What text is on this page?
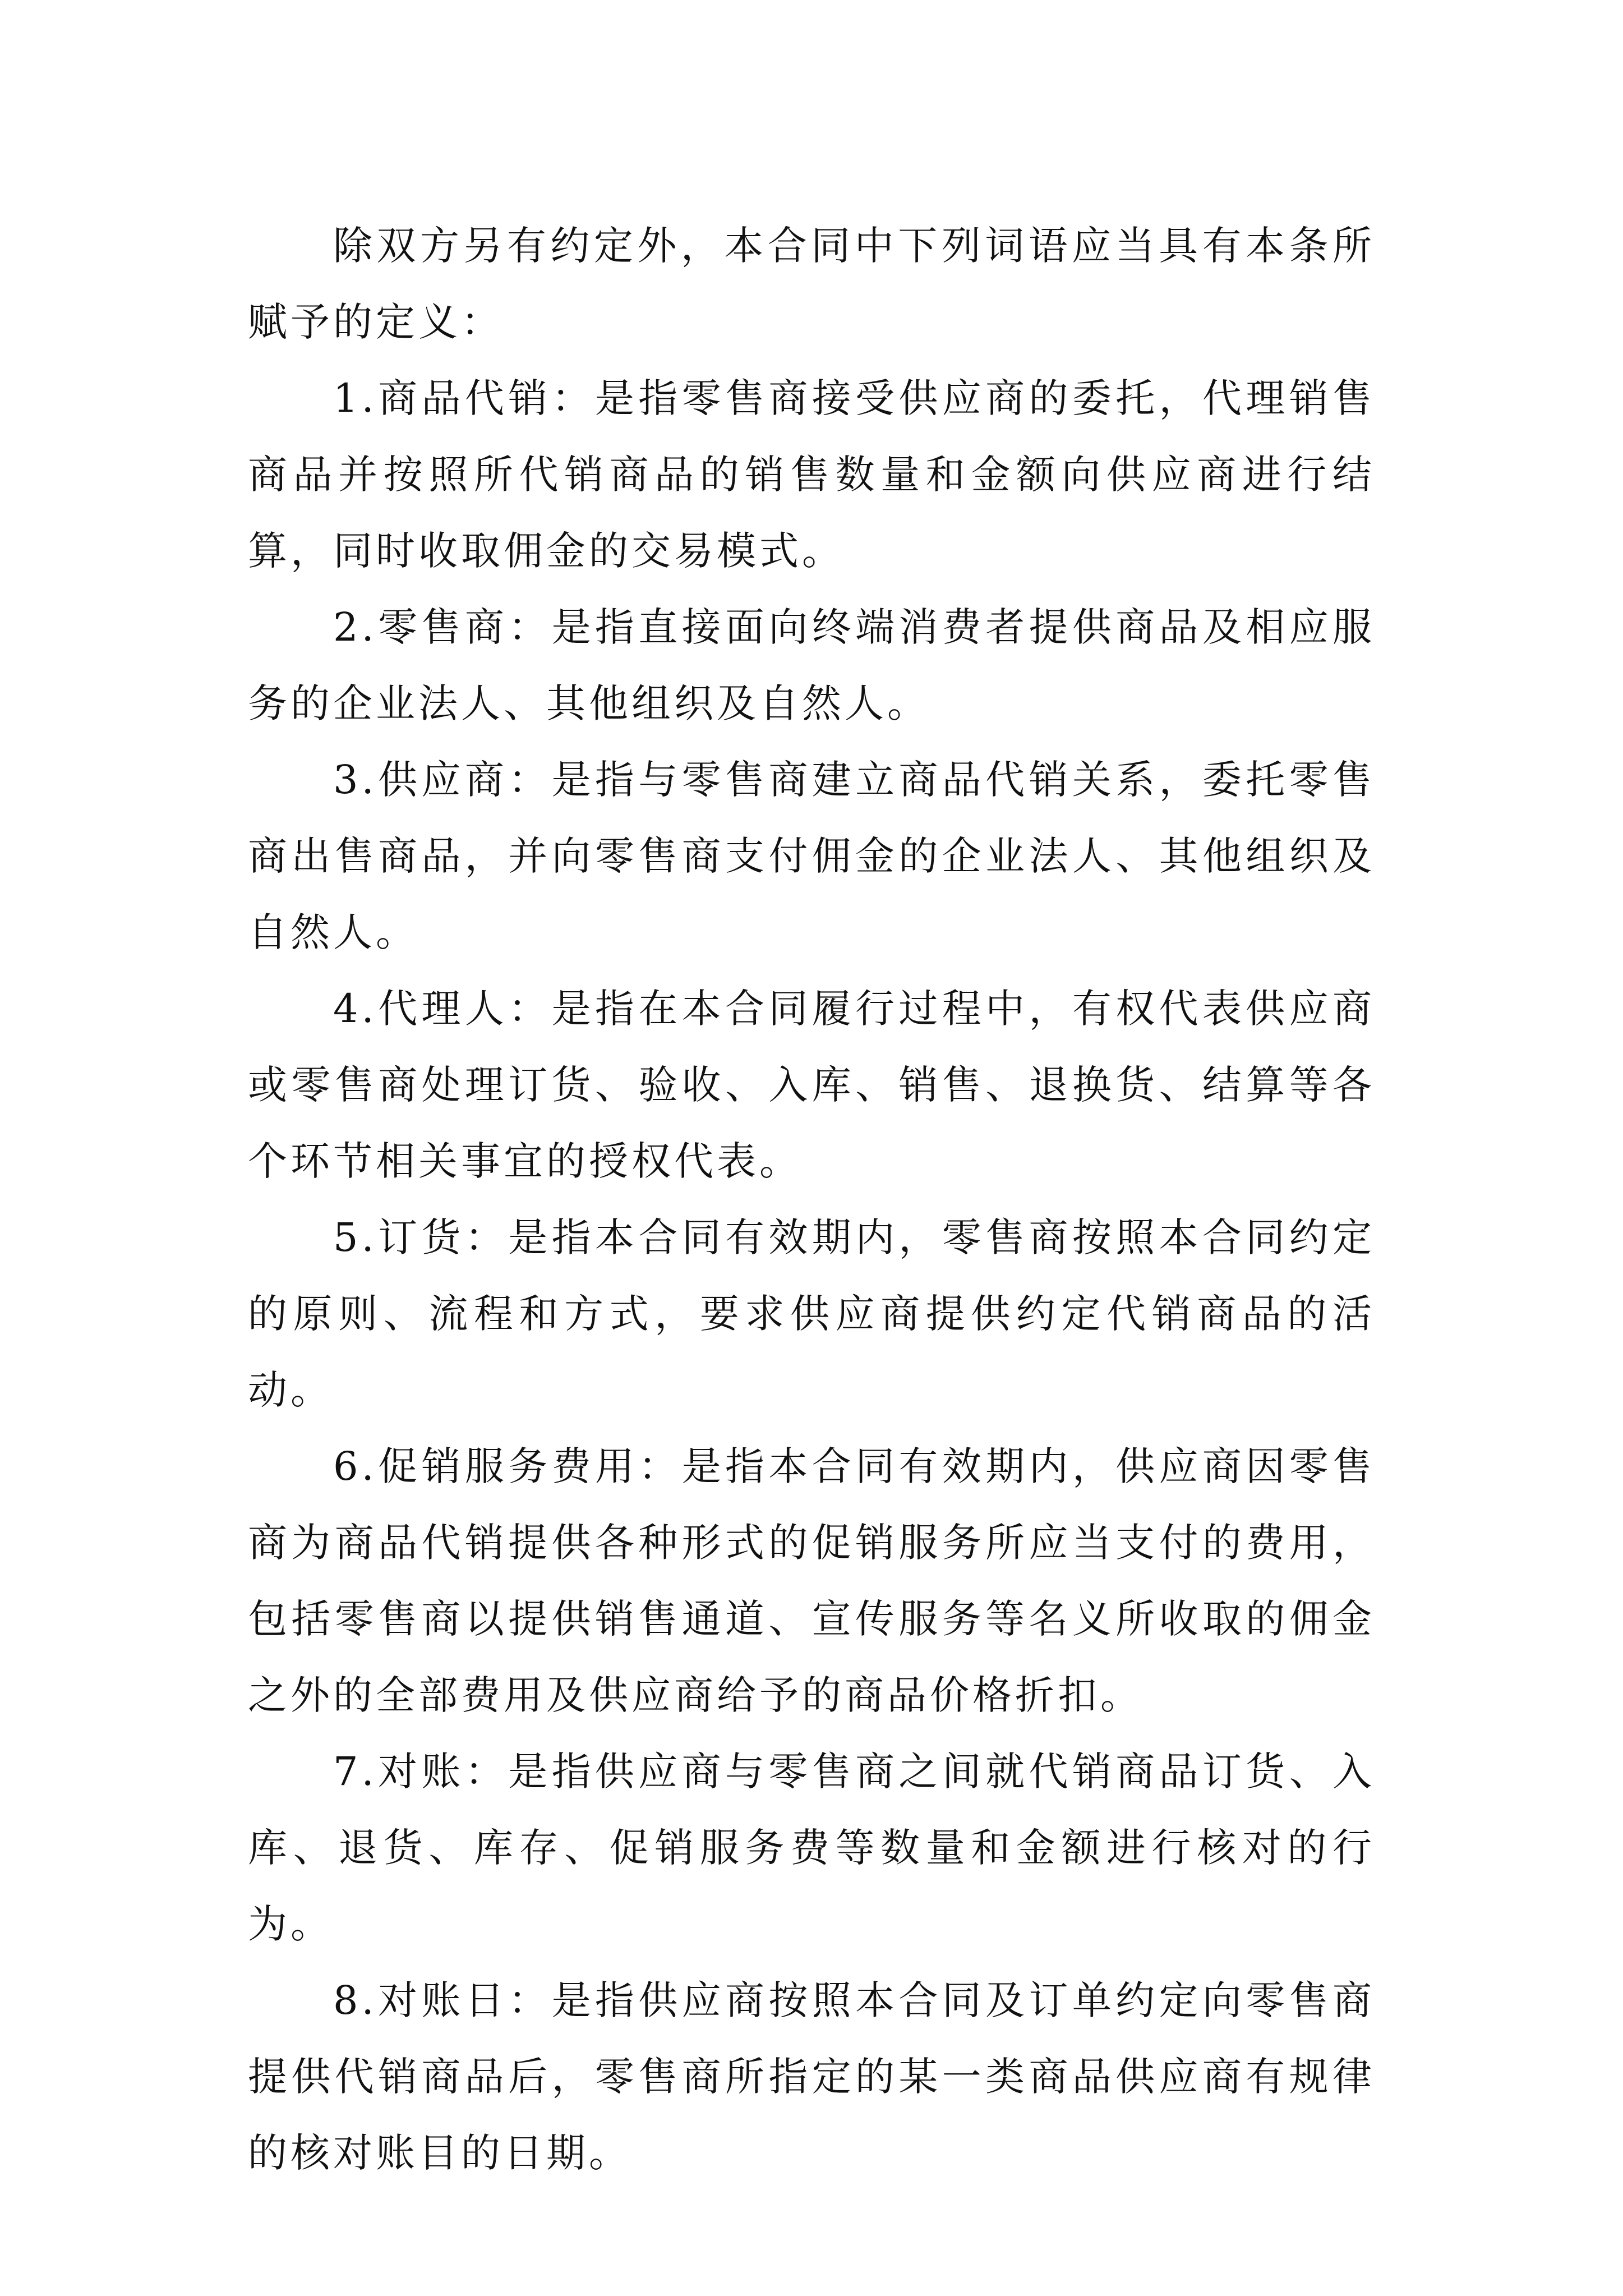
除双方另有约定外，本合同中下列词语应当具有本条所赋予的定义：

1.商品代销：是指零售商接受供应商的委托，代理销售商品并按照所代销商品的销售数量和金额向供应商进行结算，同时收取佣金的交易模式。

2.零售商：是指直接面向终端消费者提供商品及相应服务的企业法人、其他组织及自然人。

3.供应商：是指与零售商建立商品代销关系，委托零售商出售商品，并向零售商支付佣金的企业法人、其他组织及自然人。

4.代理人：是指在本合同履行过程中，有权代表供应商或零售商处理订货、验收、入库、销售、退换货、结算等各个环节相关事宜的授权代表。

5.订货：是指本合同有效期内，零售商按照本合同约定的原则、流程和方式，要求供应商提供约定代销商品的活动。

6.促销服务费用：是指本合同有效期内，供应商因零售商为商品代销提供各种形式的促销服务所应当支付的费用，包括零售商以提供销售通道、宣传服务等名义所收取的佣金之外的全部费用及供应商给予的商品价格折扣。

7.对账：是指供应商与零售商之间就代销商品订货、入库、退货、库存、促销服务费等数量和金额进行核对的行为。

8.对账日：是指供应商按照本合同及订单约定向零售商提供代销商品后，零售商所指定的某一类商品供应商有规律的核对账目的日期。
